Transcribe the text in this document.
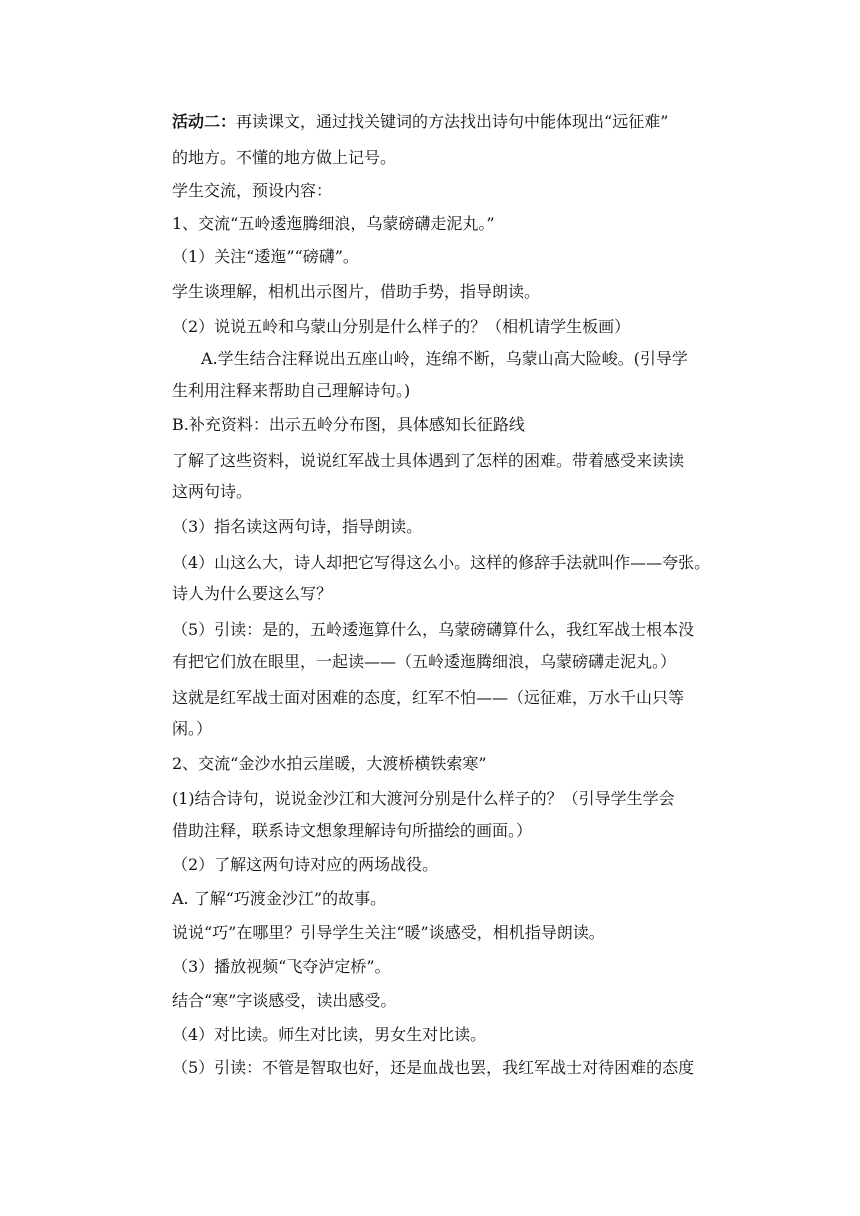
活动二：再读课文，通过找关键词的方法找出诗句中能体现出“远征难”
的地方。不懂的地方做上记号。
学生交流，预设内容：
1、交流“五岭逶迤腾细浪，乌蒙磅礴走泥丸。”
（1）关注“逶迤”“磅礴”。
学生谈理解，相机出示图片，借助手势，指导朗读。
（2）说说五岭和乌蒙山分别是什么样子的？（相机请学生板画）
A.学生结合注释说出五座山岭，连绵不断，乌蒙山高大险峻。(引导学
生利用注释来帮助自己理解诗句。)
B.补充资料：出示五岭分布图，具体感知长征路线
了解了这些资料，说说红军战士具体遇到了怎样的困难。带着感受来读读
这两句诗。
（3）指名读这两句诗，指导朗读。
（4）山这么大，诗人却把它写得这么小。这样的修辞手法就叫作——夸张。
诗人为什么要这么写？
（5）引读：是的，五岭逶迤算什么，乌蒙磅礴算什么，我红军战士根本没
有把它们放在眼里，一起读——（五岭逶迤腾细浪，乌蒙磅礴走泥丸。）
这就是红军战士面对困难的态度，红军不怕——（远征难，万水千山只等
闲。）
2、交流“金沙水拍云崖暖，大渡桥横铁索寒”
(1)结合诗句，说说金沙江和大渡河分别是什么样子的？（引导学生学会
借助注释，联系诗文想象理解诗句所描绘的画面。）
（2）了解这两句诗对应的两场战役。
A. 了解“巧渡金沙江”的故事。
说说“巧”在哪里？引导学生关注“暖”谈感受，相机指导朗读。
（3）播放视频“飞夺泸定桥”。
结合“寒”字谈感受，读出感受。
（4）对比读。师生对比读，男女生对比读。
（5）引读：不管是智取也好，还是血战也罢，我红军战士对待困难的态度
